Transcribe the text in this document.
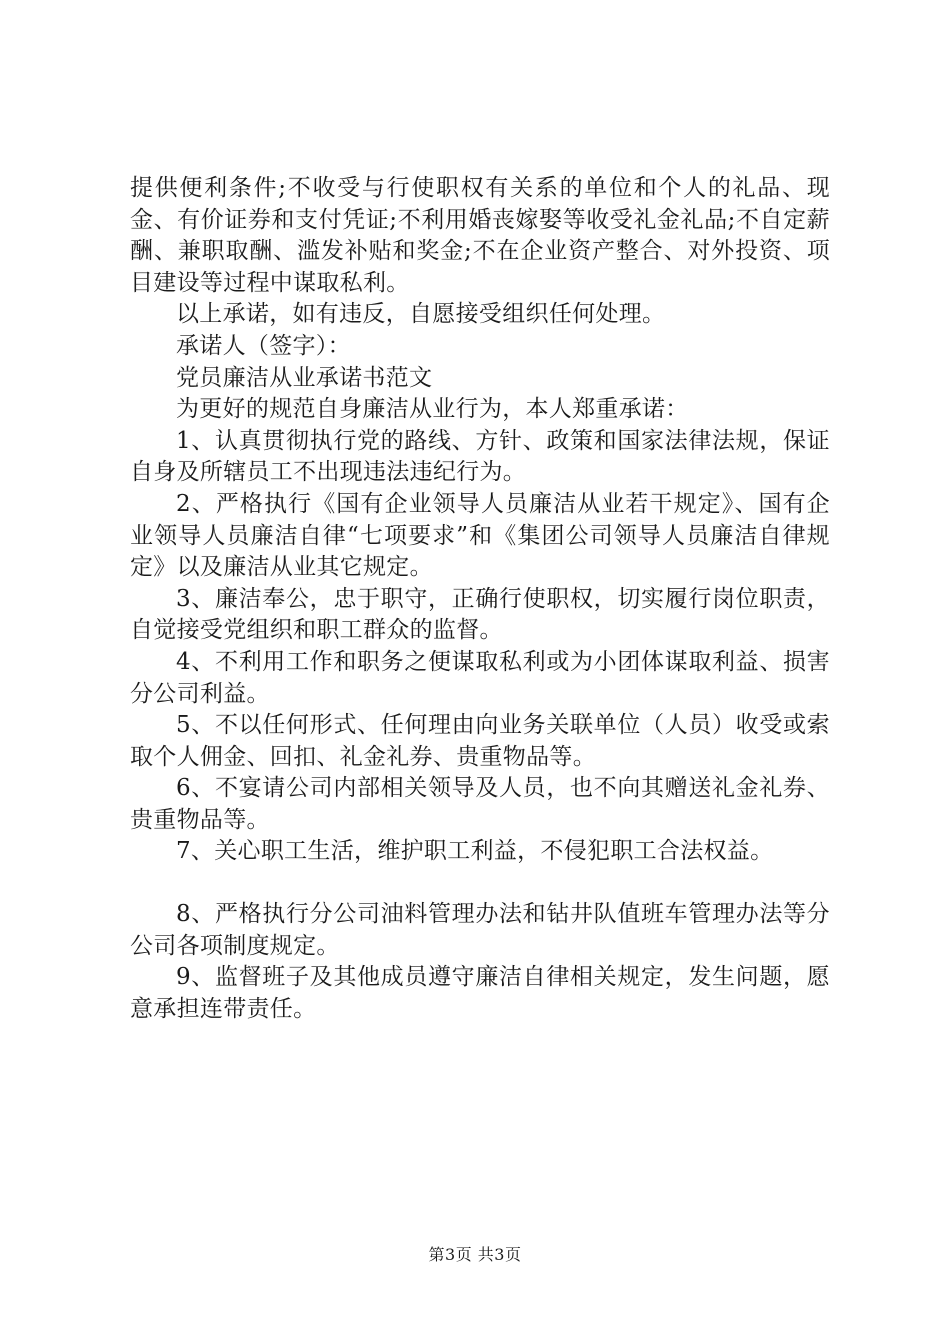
提供便利条件;不收受与行使职权有关系的单位和个人的礼品、现金、有价证券和支付凭证;不利用婚丧嫁娶等收受礼金礼品;不自定薪酬、兼职取酬、滥发补贴和奖金;不在企业资产整合、对外投资、项目建设等过程中谋取私利。

以上承诺，如有违反，自愿接受组织任何处理。

承诺人（签字）：

党员廉洁从业承诺书范文

为更好的规范自身廉洁从业行为，本人郑重承诺：

1、认真贯彻执行党的路线、方针、政策和国家法律法规，保证自身及所辖员工不出现违法违纪行为。

2、严格执行《国有企业领导人员廉洁从业若干规定》、国有企业领导人员廉洁自律“七项要求”和《集团公司领导人员廉洁自律规定》以及廉洁从业其它规定。

3、廉洁奉公，忠于职守，正确行使职权，切实履行岗位职责，自觉接受党组织和职工群众的监督。

4、不利用工作和职务之便谋取私利或为小团体谋取利益、损害分公司利益。

5、不以任何形式、任何理由向业务关联单位（人员）收受或索取个人佣金、回扣、礼金礼券、贵重物品等。

6、不宴请公司内部相关领导及人员，也不向其赠送礼金礼券、贵重物品等。

7、关心职工生活，维护职工利益，不侵犯职工合法权益。

8、严格执行分公司油料管理办法和钻井队值班车管理办法等分公司各项制度规定。

9、监督班子及其他成员遵守廉洁自律相关规定，发生问题，愿意承担连带责任。

第3页 共3页
